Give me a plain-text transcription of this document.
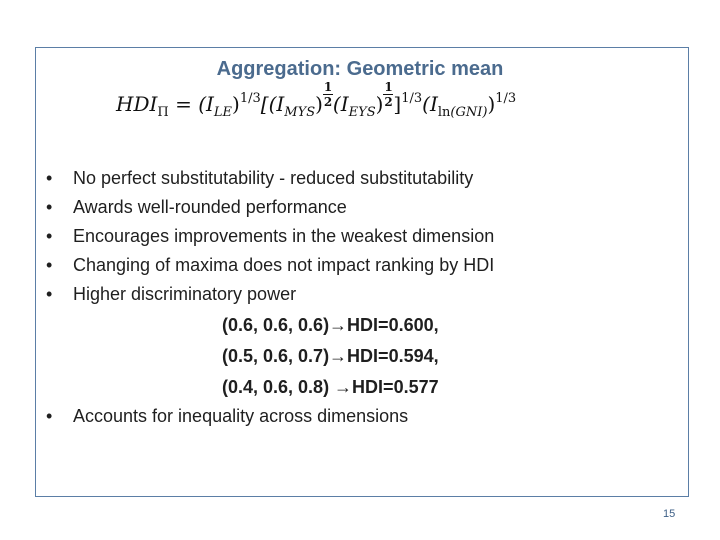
Aggregation: Geometric mean
$HDI_\Pi = (I_{LE})^{1/3}[(I_{MYS}) \frac{1}{2} (I_{EYS}) \frac{1}{2} ]^{1/3}(I_{ln(GNI)})^{1/3}$
• No perfect substitutability - reduced substitutability
• Awards well-rounded performance
• Encourages improvements in the weakest dimension
• Changing of maxima does not impact ranking by HDI
• Higher discriminatory power
(0.6, 0.6, 0.6)→HDI=0.600,
(0.5, 0.6, 0.7)→HDI=0.594,
(0.4, 0.6, 0.8) →HDI=0.577
• Accounts for inequality across dimensions
15
